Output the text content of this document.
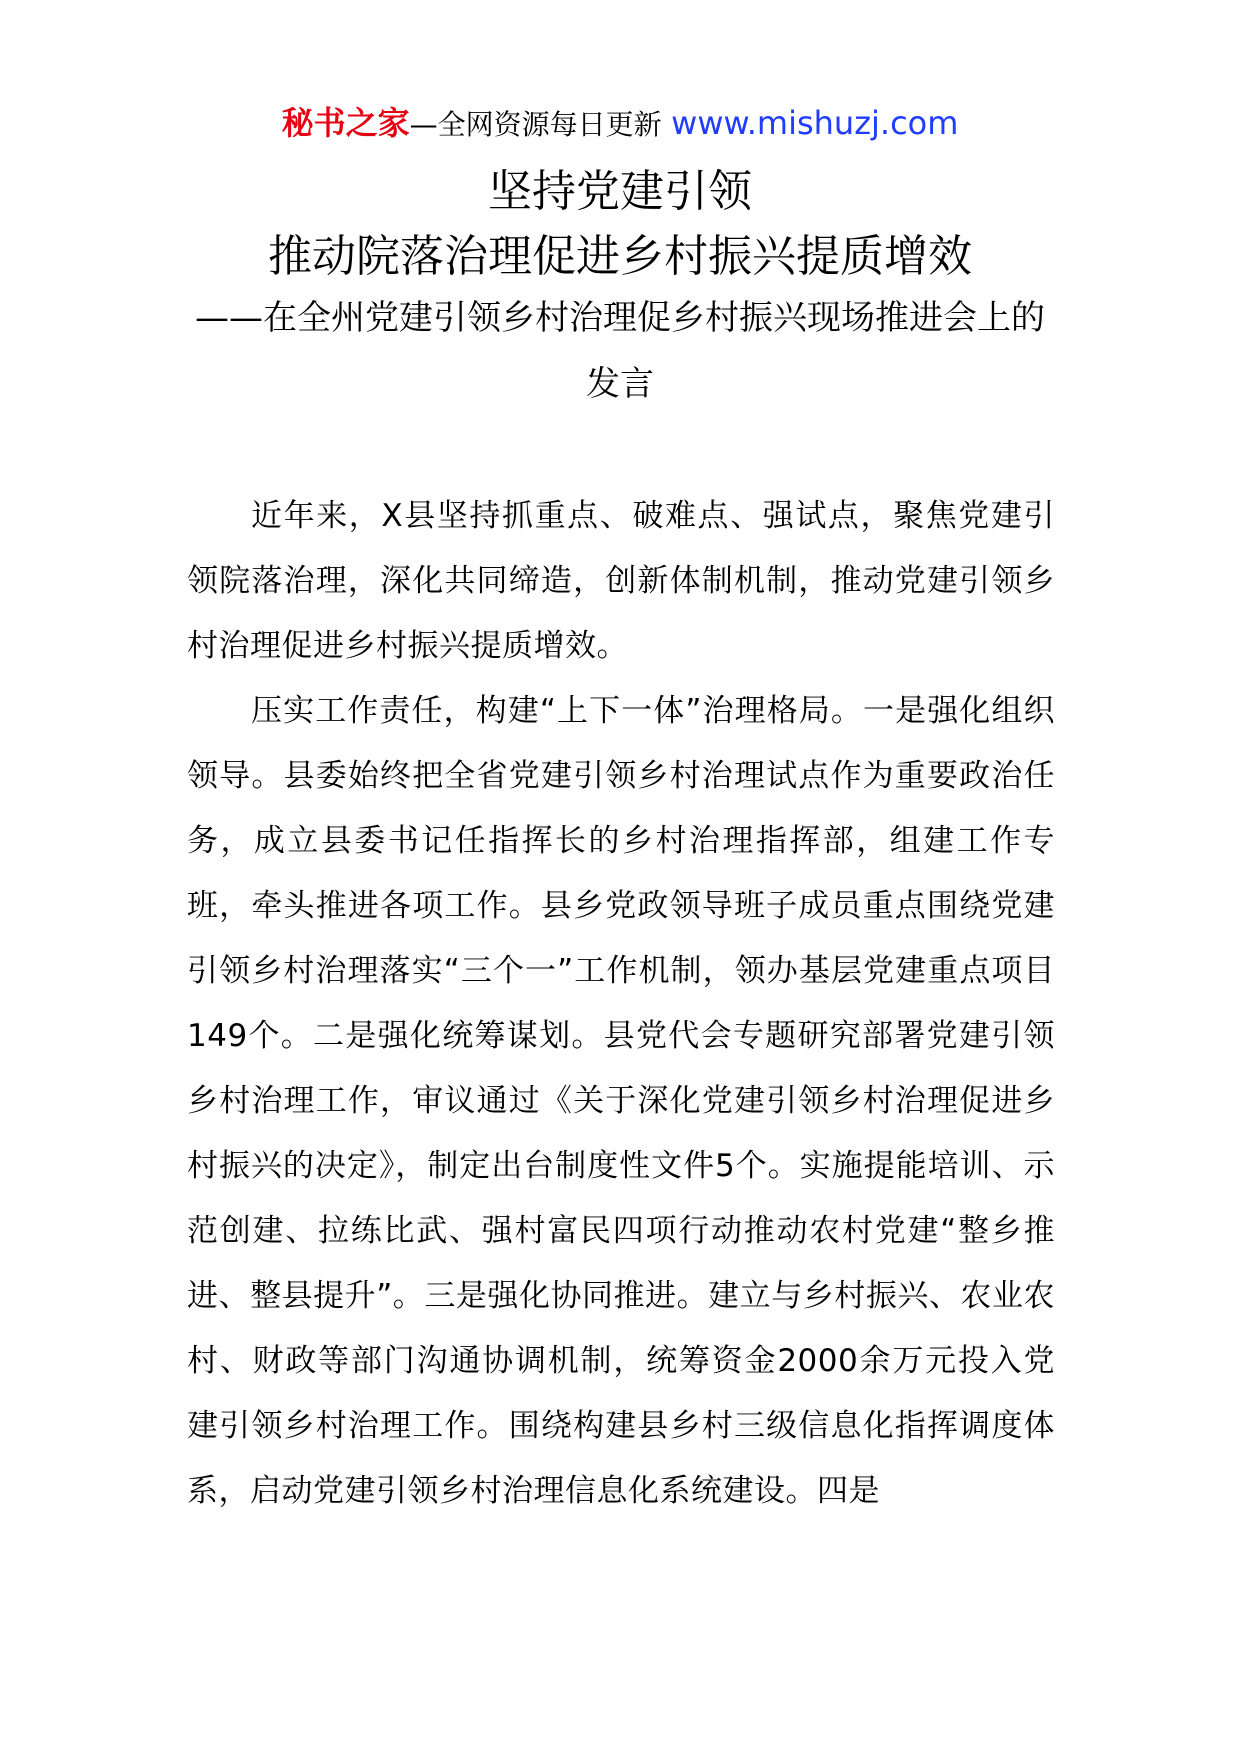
秘书之家—全网资源每日更新 www.mishuzj.com
坚持党建引领
推动院落治理促进乡村振兴提质增效
——在全州党建引领乡村治理促乡村振兴现场推进会上的
发言

近年来，X县坚持抓重点、破难点、强试点，聚焦党建引领院落治理，深化共同缔造，创新体制机制，推动党建引领乡村治理促进乡村振兴提质增效。

压实工作责任，构建“上下一体”治理格局。一是强化组织领导。县委始终把全省党建引领乡村治理试点作为重要政治任务，成立县委书记任指挥长的乡村治理指挥部，组建工作专班，牵头推进各项工作。县乡党政领导班子成员重点围绕党建引领乡村治理落实“三个一”工作机制，领办基层党建重点项目149个。二是强化统筹谋划。县党代会专题研究部署党建引领乡村治理工作，审议通过《关于深化党建引领乡村治理促进乡村振兴的决定》，制定出台制度性文件5个。实施提能培训、示范创建、拉练比武、强村富民四项行动推动农村党建“整乡推进、整县提升”。三是强化协同推进。建立与乡村振兴、农业农村、财政等部门沟通协调机制，统筹资金2000余万元投入党建引领乡村治理工作。围绕构建县乡村三级信息化指挥调度体系，启动党建引领乡村治理信息化系统建设。四是
